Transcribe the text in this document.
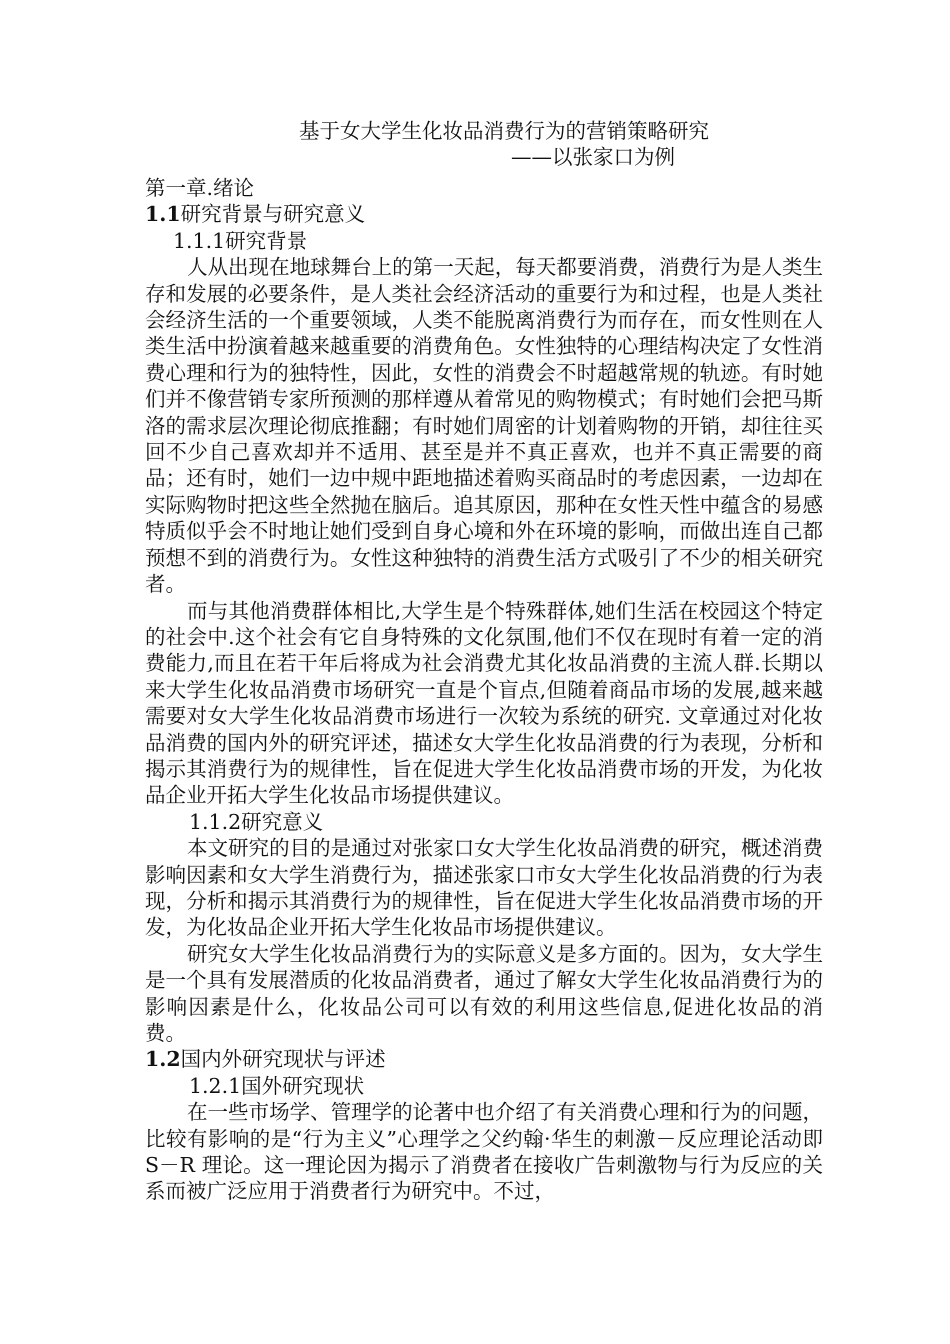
基于女大学生化妆品消费行为的营销策略研究
——以张家口为例
第一章.绪论
1.1研究背景与研究意义
1.1.1研究背景

人从出现在地球舞台上的第一天起，每天都要消费，消费行为是人类生存和发展的必要条件，是人类社会经济活动的重要行为和过程，也是人类社会经济生活的一个重要领域，人类不能脱离消费行为而存在，而女性则在人类生活中扮演着越来越重要的消费角色。女性独特的心理结构决定了女性消费心理和行为的独特性，因此，女性的消费会不时超越常规的轨迹。有时她们并不像营销专家所预测的那样遵从着常见的购物模式；有时她们会把马斯洛的需求层次理论彻底推翻；有时她们周密的计划着购物的开销，却往往买回不少自己喜欢却并不适用、甚至是并不真正喜欢，也并不真正需要的商品；还有时，她们一边中规中距地描述着购买商品时的考虑因素，一边却在实际购物时把这些全然抛在脑后。追其原因，那种在女性天性中蕴含的易感特质似乎会不时地让她们受到自身心境和外在环境的影响，而做出连自己都预想不到的消费行为。女性这种独特的消费生活方式吸引了不少的相关研究者。

而与其他消费群体相比,大学生是个特殊群体,她们生活在校园这个特定的社会中.这个社会有它自身特殊的文化氛围,他们不仅在现时有着一定的消费能力,而且在若干年后将成为社会消费尤其化妆品消费的主流人群.长期以来大学生化妆品消费市场研究一直是个盲点,但随着商品市场的发展,越来越需要对女大学生化妆品消费市场进行一次较为系统的研究. 文章通过对化妆品消费的国内外的研究评述，描述女大学生化妆品消费的行为表现，分析和揭示其消费行为的规律性，旨在促进大学生化妆品消费市场的开发，为化妆品企业开拓大学生化妆品市场提供建议。

1.1.2研究意义

本文研究的目的是通过对张家口女大学生化妆品消费的研究，概述消费影响因素和女大学生消费行为，描述张家口市女大学生化妆品消费的行为表现，分析和揭示其消费行为的规律性，旨在促进大学生化妆品消费市场的开发，为化妆品企业开拓大学生化妆品市场提供建议。

研究女大学生化妆品消费行为的实际意义是多方面的。因为，女大学生是一个具有发展潜质的化妆品消费者，通过了解女大学生化妆品消费行为的影响因素是什么，化妆品公司可以有效的利用这些信息,促进化妆品的消费。

1.2国内外研究现状与评述
1.2.1国外研究现状

在一些市场学、管理学的论著中也介绍了有关消费心理和行为的问题，比较有影响的是“行为主义”心理学之父约翰·华生的刺激－反应理论活动即 S－R 理论。这一理论因为揭示了消费者在接收广告刺激物与行为反应的关系而被广泛应用于消费者行为研究中。不过，
